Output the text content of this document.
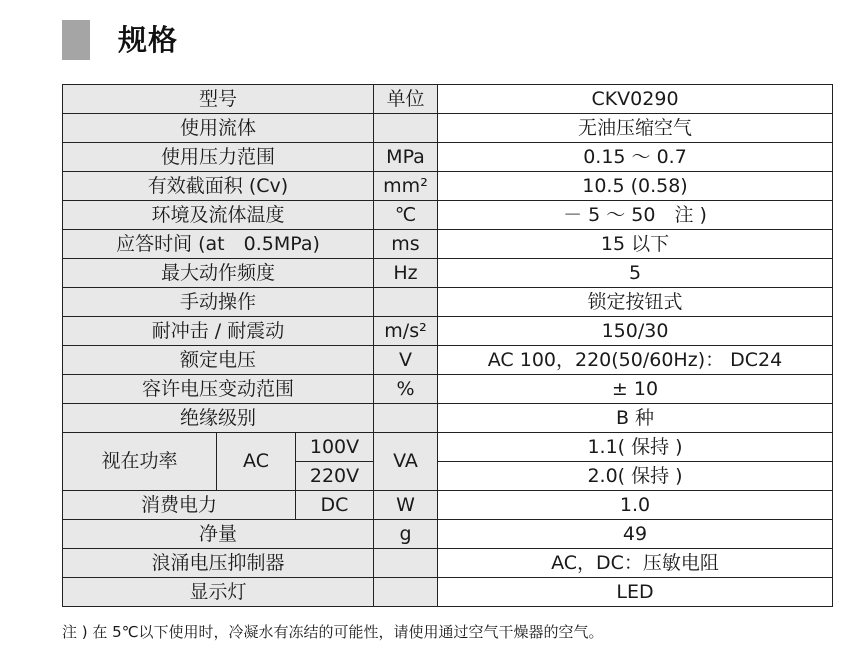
规格
型号			单位	CKV0290
使用流体				无油压缩空气
使用压力范围			MPa	0.15 ～ 0.7
有效截面积 (Cv)			mm²	10.5 (0.58)
环境及流体温度			℃	－ 5 ～ 50　注 )
应答时间 (at　0.5MPa)			ms	15 以下
最大动作频度			Hz	5
手动操作				锁定按钮式
耐冲击 / 耐震动			m/s²	150/30
额定电压			V	AC 100，220(50/60Hz)： DC24
容许电压变动范围			%	± 10
绝缘级别				B 种
视在功率	AC	100V	VA	1.1( 保持 )
		220V		2.0( 保持 )
消费电力		DC	W	1.0
净量			g	49
浪涌电压抑制器				AC，DC：压敏电阻
显示灯				LED
注 ) 在 5℃以下使用时，冷凝水有冻结的可能性，请使用通过空气干燥器的空气。
